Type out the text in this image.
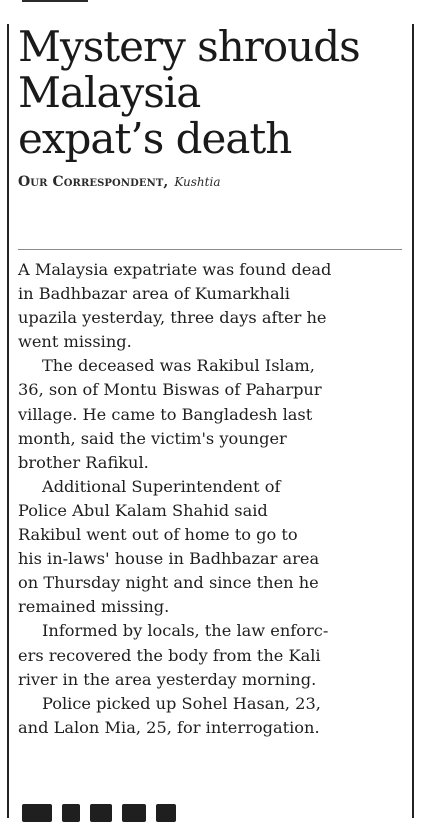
Mystery shrouds
Malaysia
expat’s death
Our Correspondent, Kushtia
A Malaysia expatriate was found dead
in Badhbazar area of Kumarkhali
upazila yesterday, three days after he
went missing.
The deceased was Rakibul Islam,
36, son of Montu Biswas of Paharpur
village. He came to Bangladesh last
month, said the victim's younger
brother Rafikul.
Additional Superintendent of
Police Abul Kalam Shahid said
Rakibul went out of home to go to
his in-laws' house in Badhbazar area
on Thursday night and since then he
remained missing.
Informed by locals, the law enforc-
ers recovered the body from the Kali
river in the area yesterday morning.
Police picked up Sohel Hasan, 23,
and Lalon Mia, 25, for interrogation.
